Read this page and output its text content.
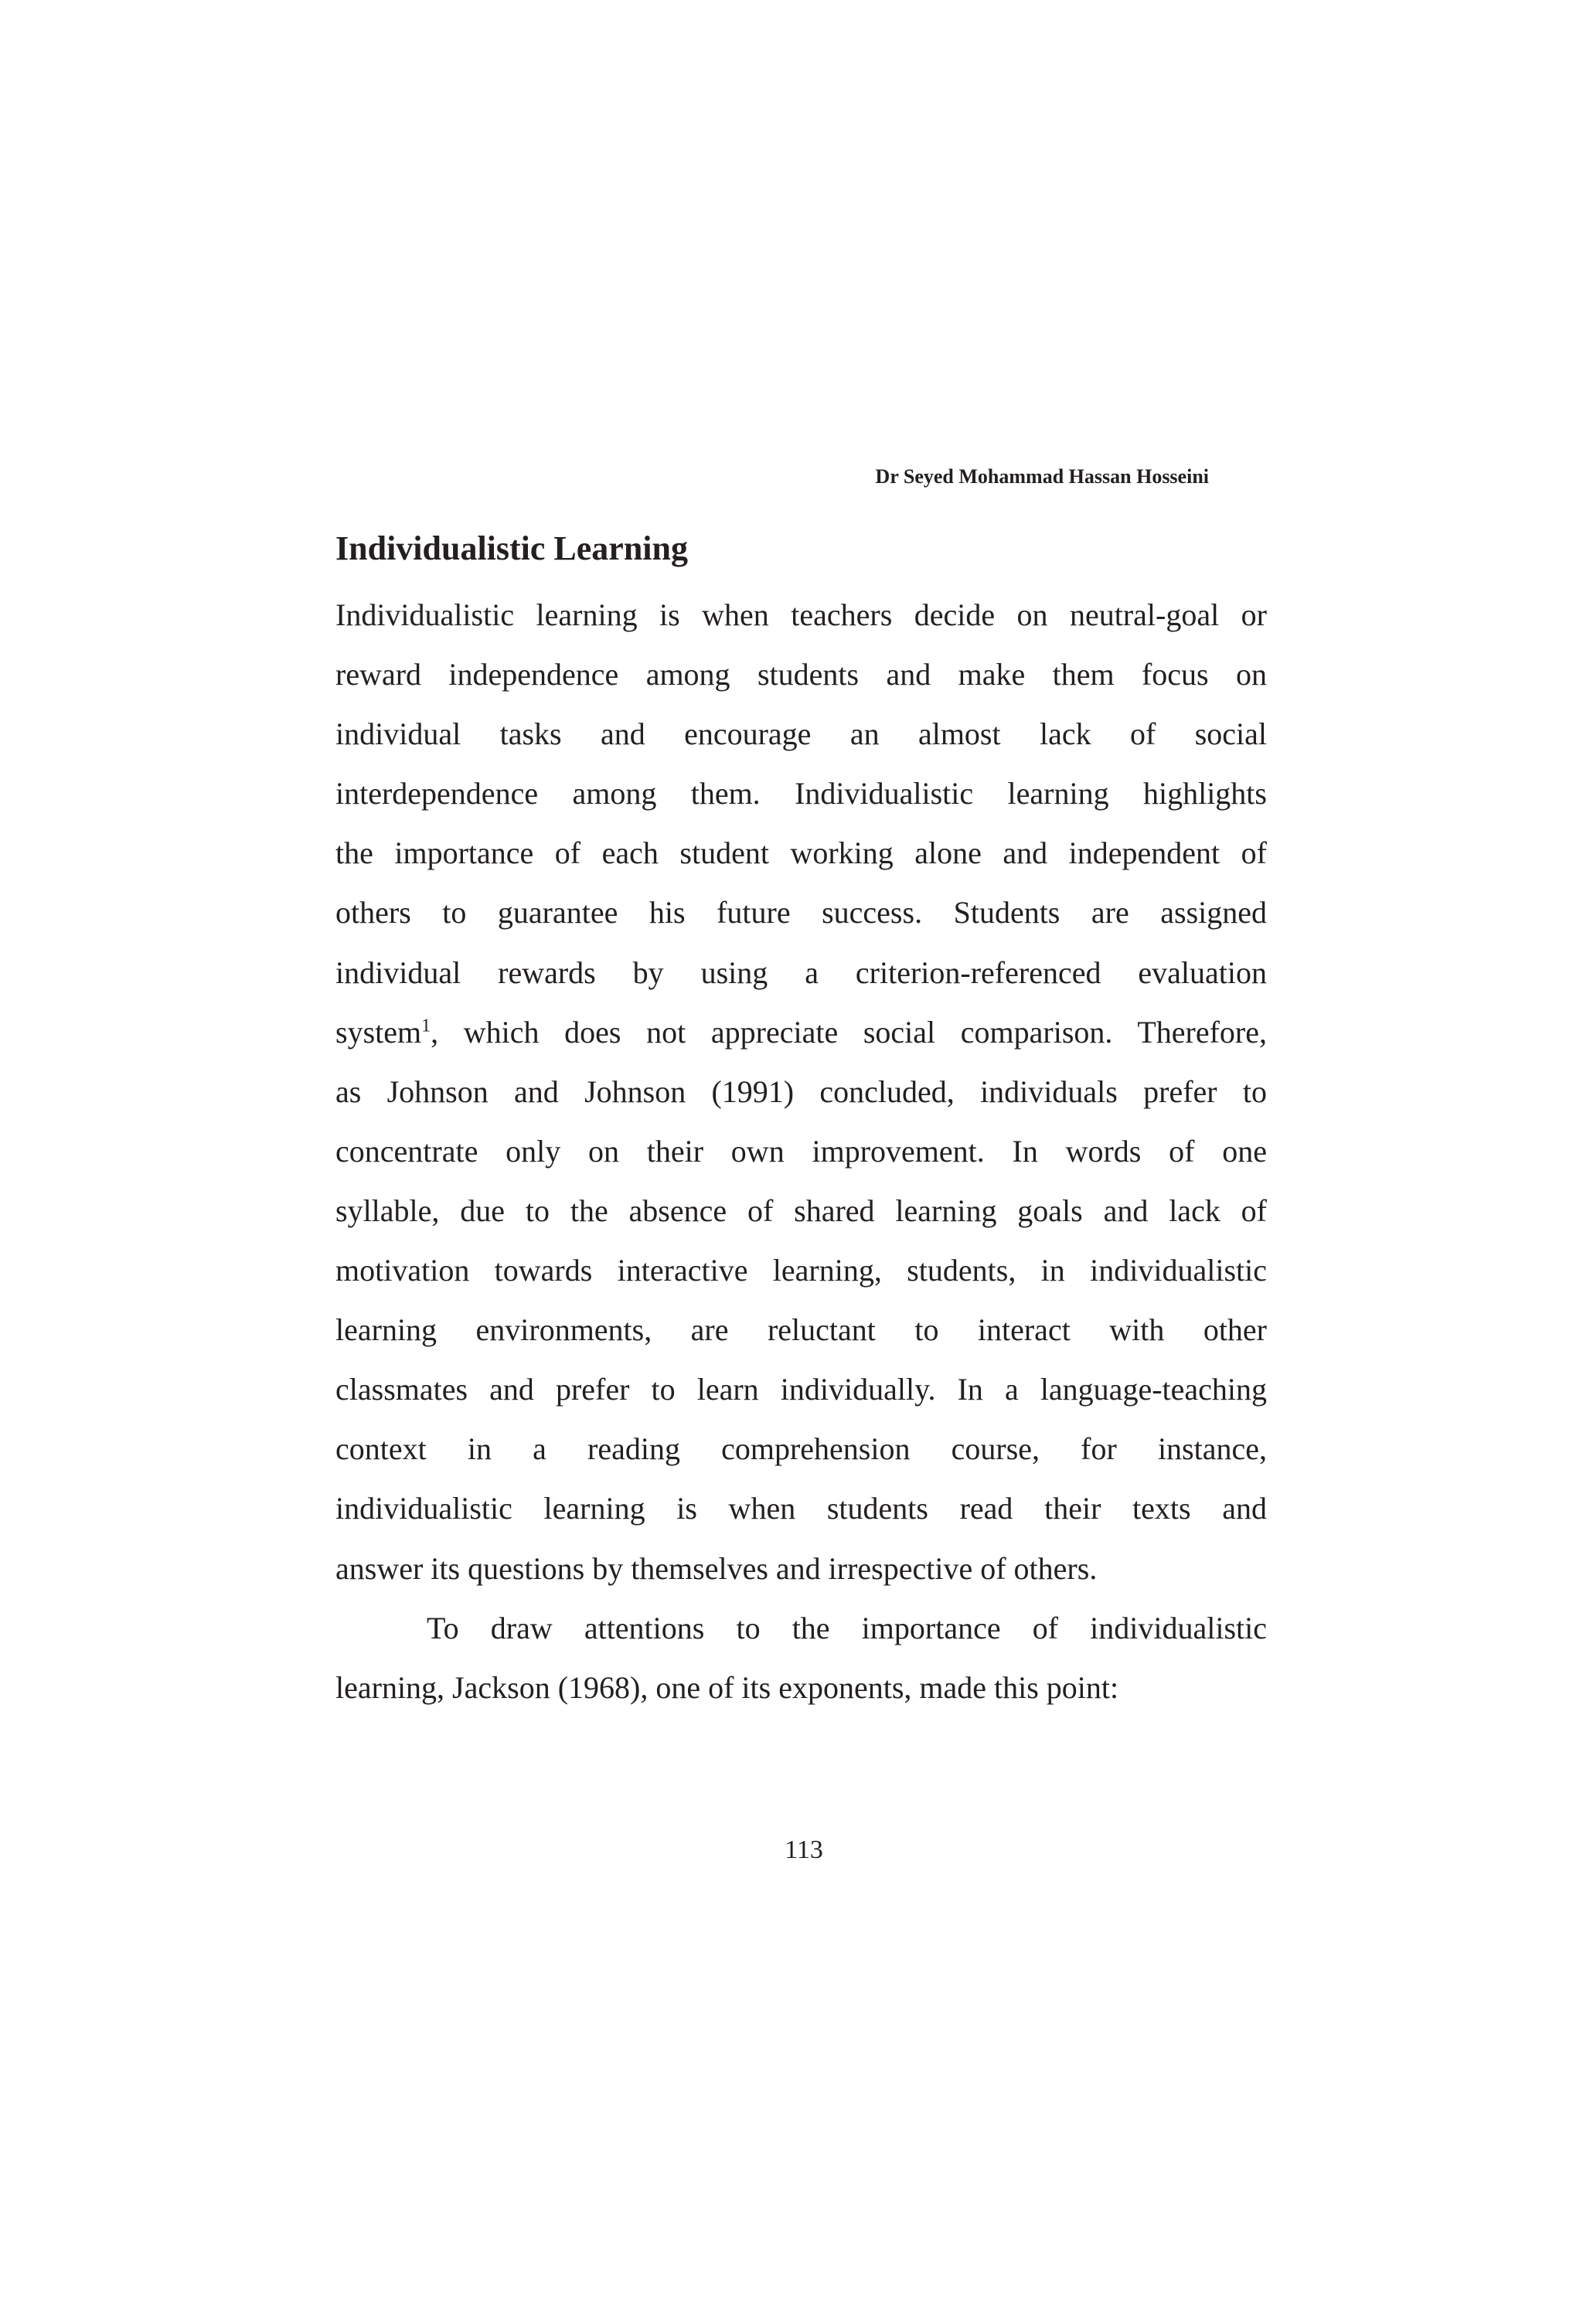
Dr Seyed Mohammad Hassan Hosseini
Individualistic Learning
Individualistic learning is when teachers decide on neutral-goal or
reward independence among students and make them focus on
individual tasks and encourage an almost lack of social
interdependence among them. Individualistic learning highlights
the importance of each student working alone and independent of
others to guarantee his future success. Students are assigned
individual rewards by using a criterion-referenced evaluation
system$^1$, which does not appreciate social comparison. Therefore,
as Johnson and Johnson (1991) concluded, individuals prefer to
concentrate only on their own improvement. In words of one
syllable, due to the absence of shared learning goals and lack of
motivation towards interactive learning, students, in individualistic
learning environments, are reluctant to interact with other
classmates and prefer to learn individually. In a language-teaching
context in a reading comprehension course, for instance,
individualistic learning is when students read their texts and
answer its questions by themselves and irrespective of others.
To draw attentions to the importance of individualistic
learning, Jackson (1968), one of its exponents, made this point:
113
